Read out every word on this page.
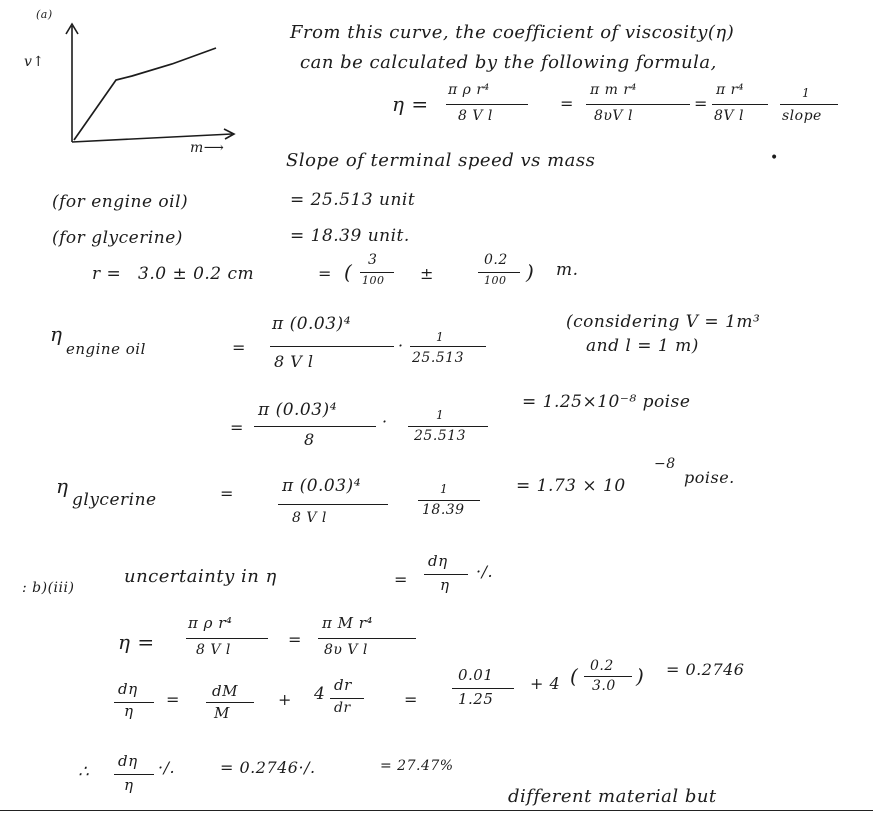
(a)
v↑
m⟶
From this curve, the coefficient of viscosity(η)
can be calculated by the following formula,
η =
π ρ r⁴
8 V l
=
π m r⁴
8υV l
=
π r⁴
8V l
1
slope
Slope of terminal speed vs mass	•
(for engine oil)	= 25.513 unit
(for glycerine)	= 18.39 unit.
r = 3.0 ± 0.2 cm	= ( 3
100 ±
0.2
100 ) m.
η
engine oil	=
π (0.03)⁴
8 V l
·	1
25.513
(considering V = 1m³
and l = 1 m)
=
π (0.03)⁴
8
·	1
25.513
= 1.25×10⁻⁸ poise
η
glycerine	=	π (0.03)⁴
8 V l
1
18.39
= 1.73 × 10
−8
poise.
: b)(iii)
uncertainty in η	=
dη
η
·/.
η =
π ρ r⁴
8 V l
=
π M r⁴
8υ V l
dη
η
= dM
M
+ 4 dr
dr	=
0.01
1.25
+ 4 ( 0.2
3.0 ) = 0.2746
∴
dη
η
·/.	= 0.2746·/.	= 27.47%
different material but
